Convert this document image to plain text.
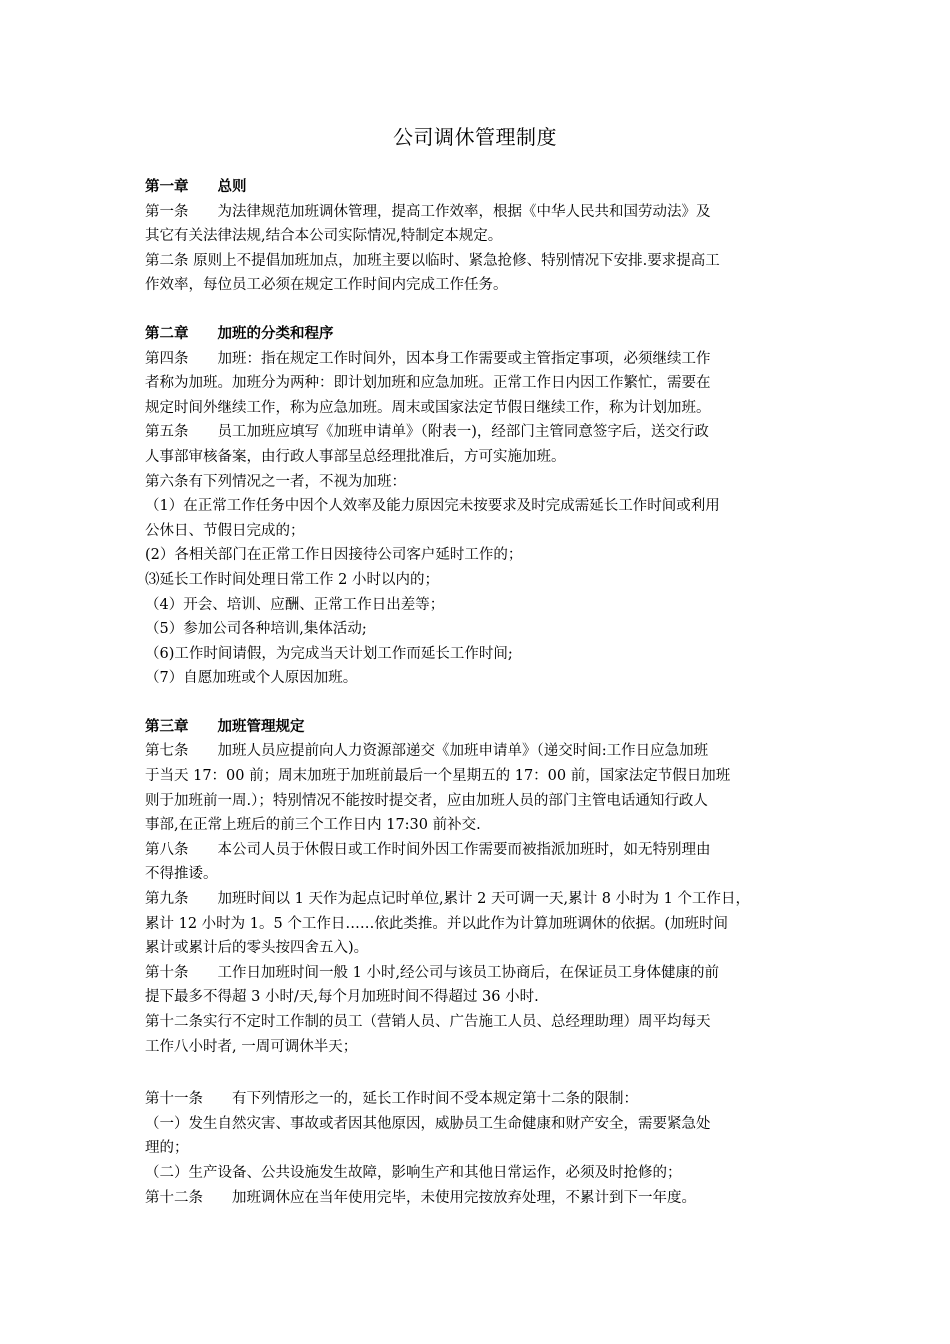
公司调休管理制度
第一章  总则
第一条  为法律规范加班调休管理，提高工作效率，根据《中华人民共和国劳动法》及
其它有关法律法规,结合本公司实际情况,特制定本规定。
第二条 原则上不提倡加班加点，加班主要以临时、紧急抢修、特别情况下安排.要求提高工
作效率，每位员工必须在规定工作时间内完成工作任务。
第二章  加班的分类和程序
第四条  加班：指在规定工作时间外，因本身工作需要或主管指定事项，必须继续工作
者称为加班。加班分为两种：即计划加班和应急加班。正常工作日内因工作繁忙，需要在
规定时间外继续工作，称为应急加班。周末或国家法定节假日继续工作，称为计划加班。
第五条  员工加班应填写《加班申请单》（附表一)，经部门主管同意签字后，送交行政
人事部审核备案，由行政人事部呈总经理批准后，方可实施加班。
第六条有下列情况之一者，不视为加班：
（1）在正常工作任务中因个人效率及能力原因完未按要求及时完成需延长工作时间或利用
公休日、节假日完成的；
(2）各相关部门在正常工作日因接待公司客户延时工作的；
⑶延长工作时间处理日常工作 2 小时以内的；
（4）开会、培训、应酬、正常工作日出差等；
（5）参加公司各种培训,集体活动;
（6)工作时间请假，为完成当天计划工作而延长工作时间;
（7）自愿加班或个人原因加班。
第三章  加班管理规定
第七条  加班人员应提前向人力资源部递交《加班申请单》（递交时间:工作日应急加班
于当天 17：00 前；周末加班于加班前最后一个星期五的 17：00 前，国家法定节假日加班
则于加班前一周.）；特别情况不能按时提交者，应由加班人员的部门主管电话通知行政人
事部,在正常上班后的前三个工作日内 17:30 前补交.
第八条  本公司人员于休假日或工作时间外因工作需要而被指派加班时，如无特别理由
不得推诿。
第九条  加班时间以 1 天作为起点记时单位,累计 2 天可调一天,累计 8 小时为 1 个工作日，
累计 12 小时为 1。5 个工作日……依此类推。并以此作为计算加班调休的依据。(加班时间
累计或累计后的零头按四舍五入)。
第十条  工作日加班时间一般 1 小时,经公司与该员工协商后，在保证员工身体健康的前
提下最多不得超 3 小时/天,每个月加班时间不得超过 36 小时.
第十二条实行不定时工作制的员工（营销人员、广告施工人员、总经理助理）周平均每天
工作八小时者, 一周可调休半天；
第十一条  有下列情形之一的，延长工作时间不受本规定第十二条的限制：
（一）发生自然灾害、事故或者因其他原因，威胁员工生命健康和财产安全，需要紧急处
理的；
（二）生产设备、公共设施发生故障，影响生产和其他日常运作，必须及时抢修的；
第十二条  加班调休应在当年使用完毕，未使用完按放弃处理，不累计到下一年度。
